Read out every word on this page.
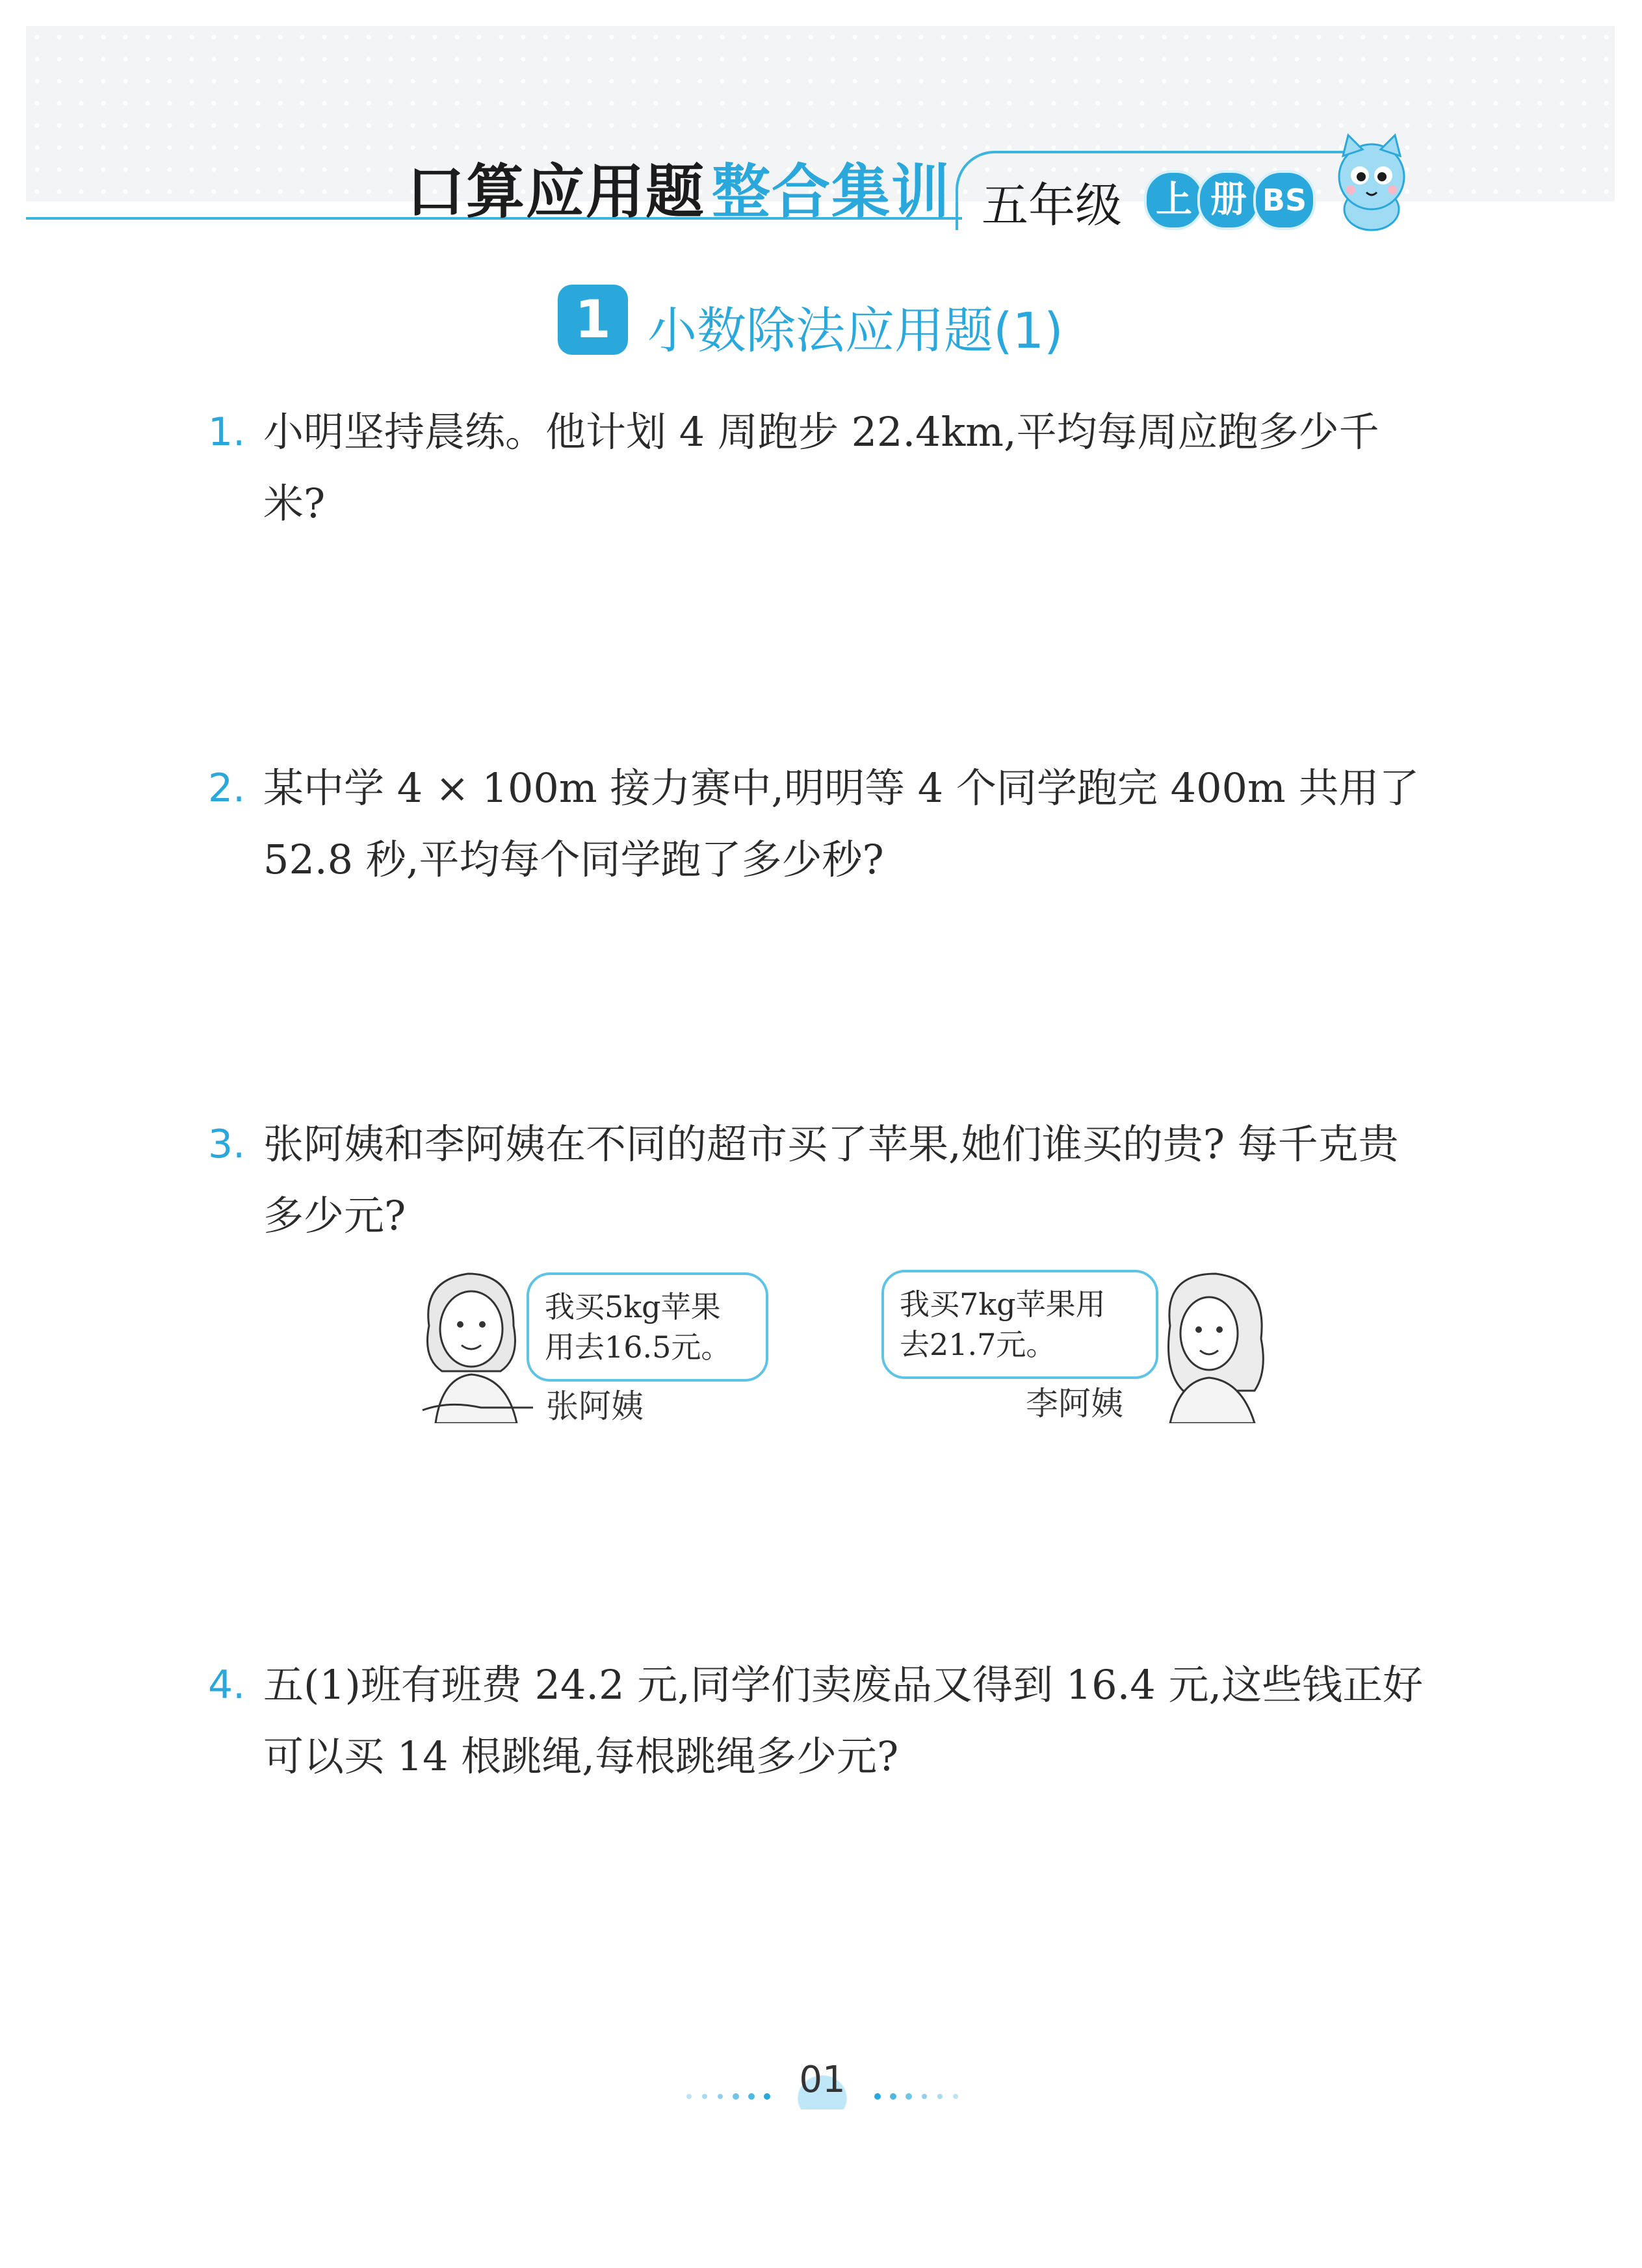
口算应用题 整合集训 五年级 上 册 BS
1 小数除法应用题(1)
1. 小明坚持晨练。他计划 4 周跑步 22.4km,平均每周应跑多少千米?
2. 某中学 4 × 100m 接力赛中,明明等 4 个同学跑完 400m 共用了 52.8 秒,平均每个同学跑了多少秒?
3. 张阿姨和李阿姨在不同的超市买了苹果,她们谁买的贵? 每千克贵多少元?
4. 五(1)班有班费 24.2 元,同学们卖废品又得到 16.4 元,这些钱正好可以买 14 根跳绳,每根跳绳多少元?
我买5kg苹果
用去16.5元。
张阿姨
我买7kg苹果用
去21.7元。
李阿姨
01
